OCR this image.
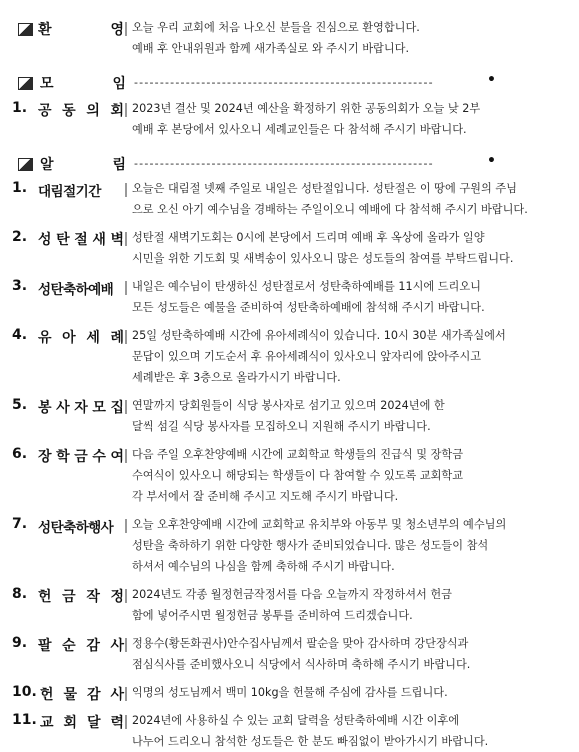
환	영 오늘 우리 교회에 처음 나오신 분들을 진심으로 환영합니다.
예배 후 안내위원과 함께 새가족실로 와 주시기 바랍니다.
모	임 ----------------------------------------------------------	•
1. 공 동 의 회 2023년 결산 및 2024년 예산을 확정하기 위한 공동의회가 오늘 낮 2부
예배 후 본당에서 있사오니 세례교인들은 다 참석해 주시기 바랍니다.
알	림 ----------------------------------------------------------	•
1. 대 림 절 기 간	오늘은 대림절 넷째 주일로 내일은 성탄절입니다. 성탄절은 이 땅에 구원의 주님
으로 오신 아기 예수님을 경배하는 주일이오니 예배에 다 참석해 주시기 바랍니다.
2. 성 탄 절 새 벽 성탄절 새벽기도회는 0시에 본당에서 드리며 예배 후 옥상에 올라가 일양
시민을 위한 기도회 및 새벽송이 있사오니 많은 성도들의 참여를 부탁드립니다.
3. 성탄축하예배 내일은 예수님이 탄생하신 성탄절로서 성탄축하예배를 11시에 드리오니
모든 성도들은 예물을 준비하여 성탄축하예배에 참석해 주시기 바랍니다.
4. 유 아 세 례 25일 성탄축하예배 시간에 유아세례식이 있습니다. 10시 30분 새가족실에서
문답이 있으며 기도순서 후 유아세례식이 있사오니 앞자리에 앉아주시고
세례받은 후 3층으로 올라가시기 바랍니다.
5. 봉 사 자 모 집 연말까지 당회원들이 식당 봉사자로 섬기고 있으며 2024년에 한
달씩 섬길 식당 봉사자를 모집하오니 지원해 주시기 바랍니다.
6. 장 학 금 수 여 다음 주일 오후찬양예배 시간에 교회학교 학생들의 진급식 및 장학금
수여식이 있사오니 해당되는 학생들이 다 참여할 수 있도록 교회학교
각 부서에서 잘 준비해 주시고 지도해 주시기 바랍니다.
7. 성탄축하행사 오늘 오후찬양예배 시간에 교회학교 유치부와 아동부 및 청소년부의 예수님의
성탄을 축하하기 위한 다양한 행사가 준비되었습니다. 많은 성도들이 참석
하셔서 예수님의 나심을 함께 축하해 주시기 바랍니다.
8. 헌 금 작 정 2024년도 각종 월정헌금작정서를 다음 오늘까지 작정하셔서 헌금
함에 넣어주시면 월정헌금 봉투를 준비하여 드리겠습니다.
9. 팔 순 감 사 정용수(황돈화권사)안수집사님께서 팔순을 맞아 감사하며 강단장식과
점심식사를 준비했사오니 식당에서 식사하며 축하해 주시기 바랍니다.
10. 헌 물 감 사 익명의 성도님께서 백미 10kg을 헌물해 주심에 감사를 드립니다.
11. 교 회 달 력 2024년에 사용하실 수 있는 교회 달력을 성탄축하예배 시간 이후에
나누어 드리오니 참석한 성도들은 한 분도 빠짐없이 받아가시기 바랍니다.
